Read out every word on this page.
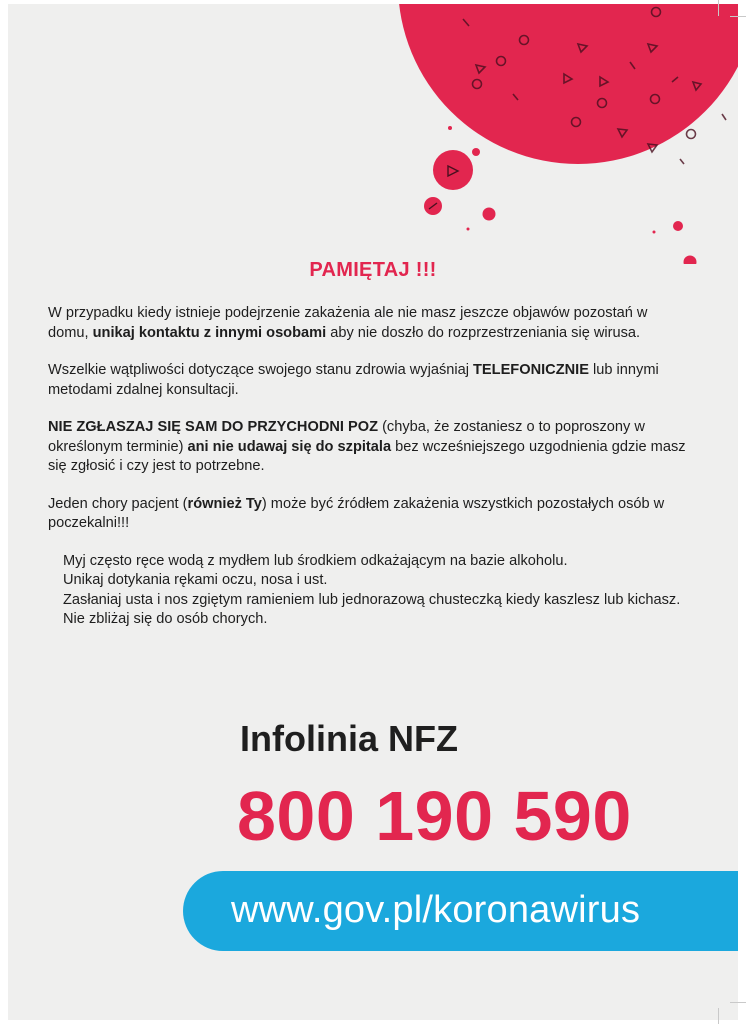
PAMIĘTAJ !!!

W przypadku kiedy istnieje podejrzenie zakażenia ale nie masz jeszcze objawów pozostań w domu, unikaj kontaktu z innymi osobami aby nie doszło do rozprzestrzeniania się wirusa.

Wszelkie wątpliwości dotyczące swojego stanu zdrowia wyjaśniaj TELEFONICZNIE lub innymi metodami zdalnej konsultacji.

NIE ZGŁASZAJ SIĘ SAM DO PRZYCHODNI POZ (chyba, że zostaniesz o to poproszony w określonym terminie) ani nie udawaj się do szpitala bez wcześniejszego uzgodnienia gdzie masz się zgłosić i czy jest to potrzebne.

Jeden chory pacjent (również Ty) może być źródłem zakażenia wszystkich pozostałych osób w poczekalni!!!

Myj często ręce wodą z mydłem lub środkiem odkażającym na bazie alkoholu.
Unikaj dotykania rękami oczu, nosa i ust.
Zasłaniaj usta i nos zgiętym ramieniem lub jednorazową chusteczką kiedy kaszlesz lub kichasz.
Nie zbliżaj się do osób chorych.
Infolinia NFZ
800 190 590
www.gov.pl/koronawirus
